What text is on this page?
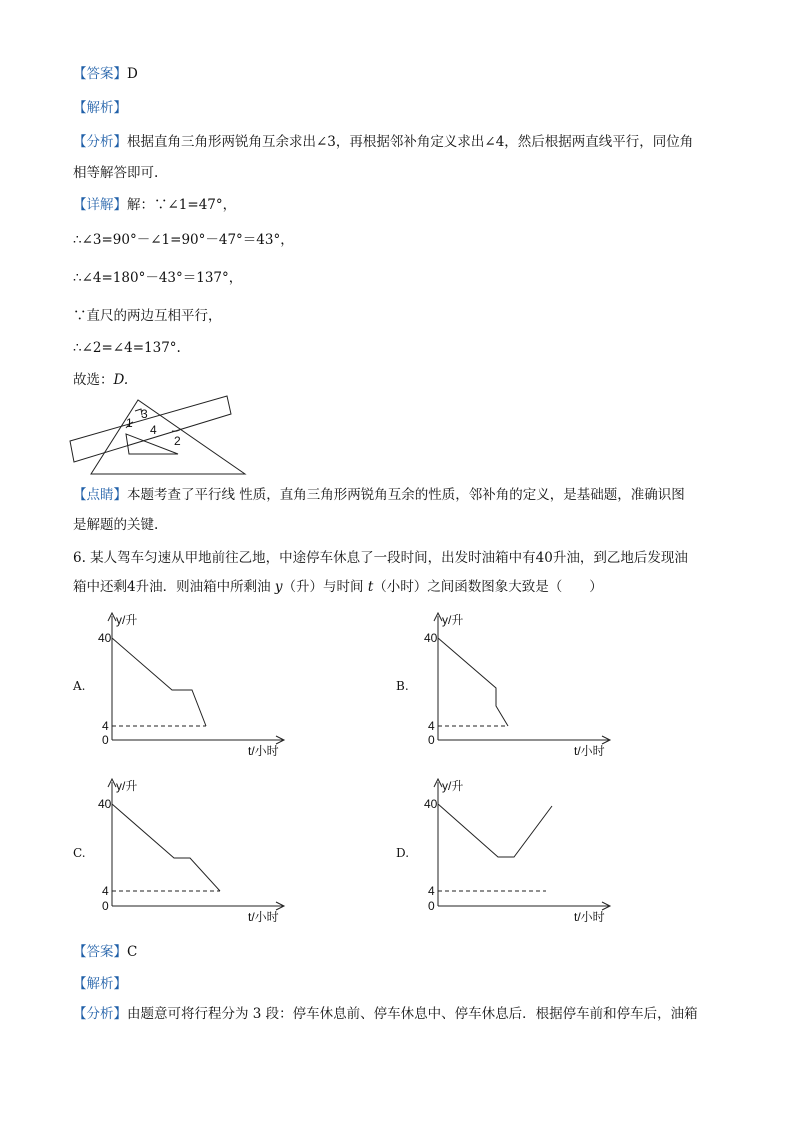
【答案】D
【解析】
【分析】根据直角三角形两锐角互余求出∠3，再根据邻补角定义求出∠4，然后根据两直线平行，同位角
相等解答即可.
【详解】解：∵∠1=47°，
∴∠3=90°－∠1=90°－47°＝43°，
∴∠4=180°－43°＝137°，
∵直尺的两边互相平行，
∴∠2=∠4=137°.
故选：D.
1
3
4
2
【点睛】本题考查了平行线 性质，直角三角形两锐角互余的性质，邻补角的定义，是基础题，准确识图
是解题的关键.
6. 某人驾车匀速从甲地前往乙地，中途停车休息了一段时间，出发时油箱中有40升油，到乙地后发现油
箱中还剩4升油．则油箱中所剩油 y（升）与时间 t（小时）之间函数图象大致是（　　）
A.
y/升
40
4
0
t/小时
B.
y/升
40
4
0
t/小时
C.
y/升
40
4
0
t/小时
D.
y/升
40
4
0
t/小时
【答案】C
【解析】
【分析】由题意可将行程分为 3 段：停车休息前、停车休息中、停车休息后．根据停车前和停车后，油箱
